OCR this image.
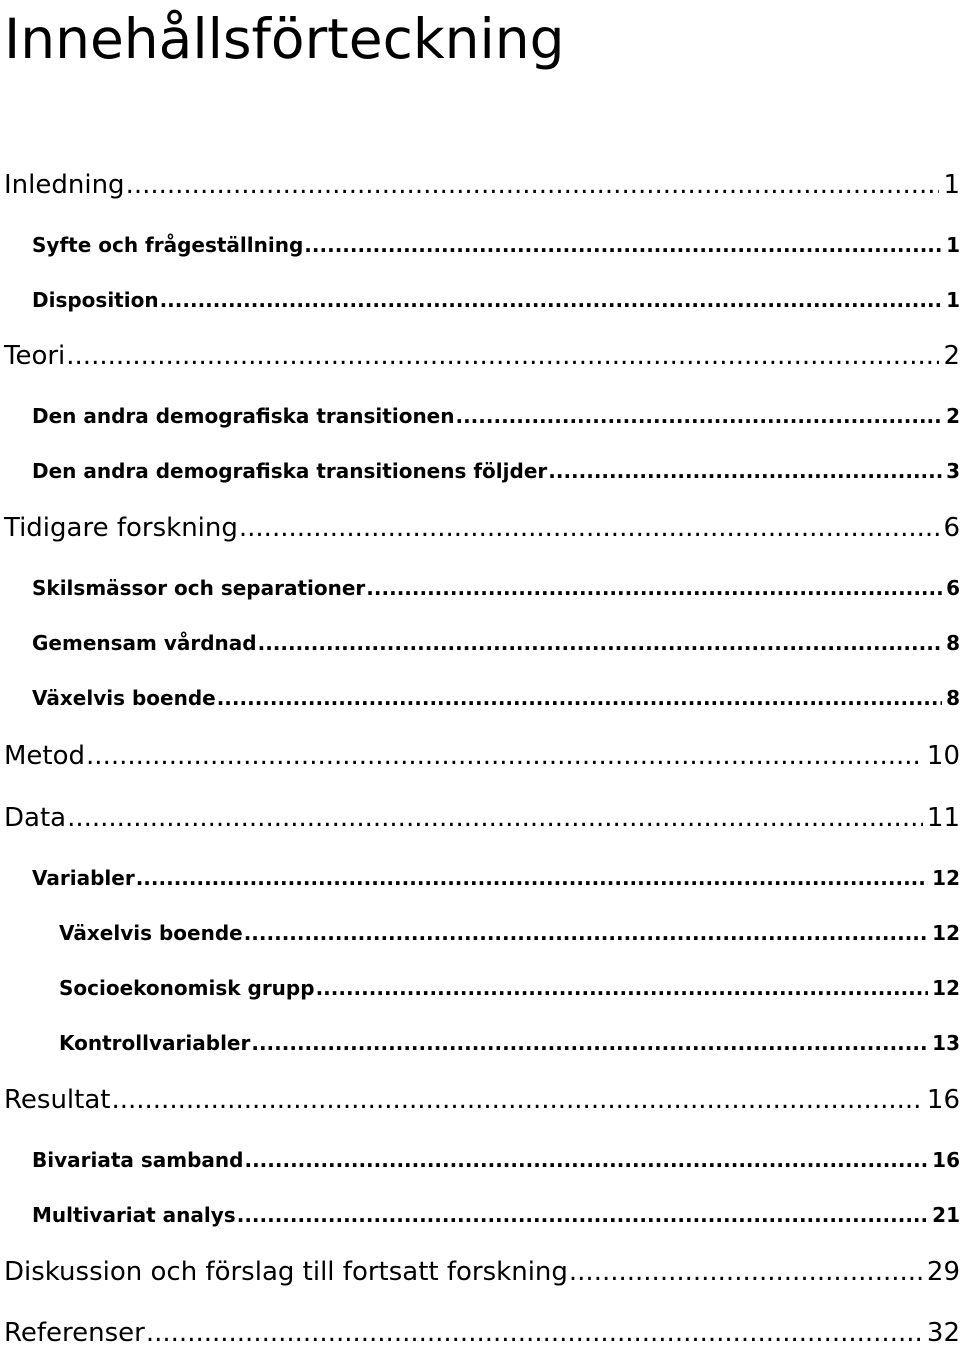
Innehållsförteckning
Inledning .....	1
Syfte och frågeställning .....	1
Disposition .....	1
Teori .....	2
Den andra demografiska transitionen .....	2
Den andra demografiska transitionens följder .....	3
Tidigare forskning .....	6
Skilsmässor och separationer .....	6
Gemensam vårdnad .....	8
Växelvis boende .....	8
Metod .....	10
Data .....	11
Variabler .....	12
Växelvis boende .....	12
Socioekonomisk grupp .....	12
Kontrollvariabler .....	13
Resultat .....	16
Bivariata samband .....	16
Multivariat analys .....	21
Diskussion och förslag till fortsatt forskning .....	29
Referenser .....	32
